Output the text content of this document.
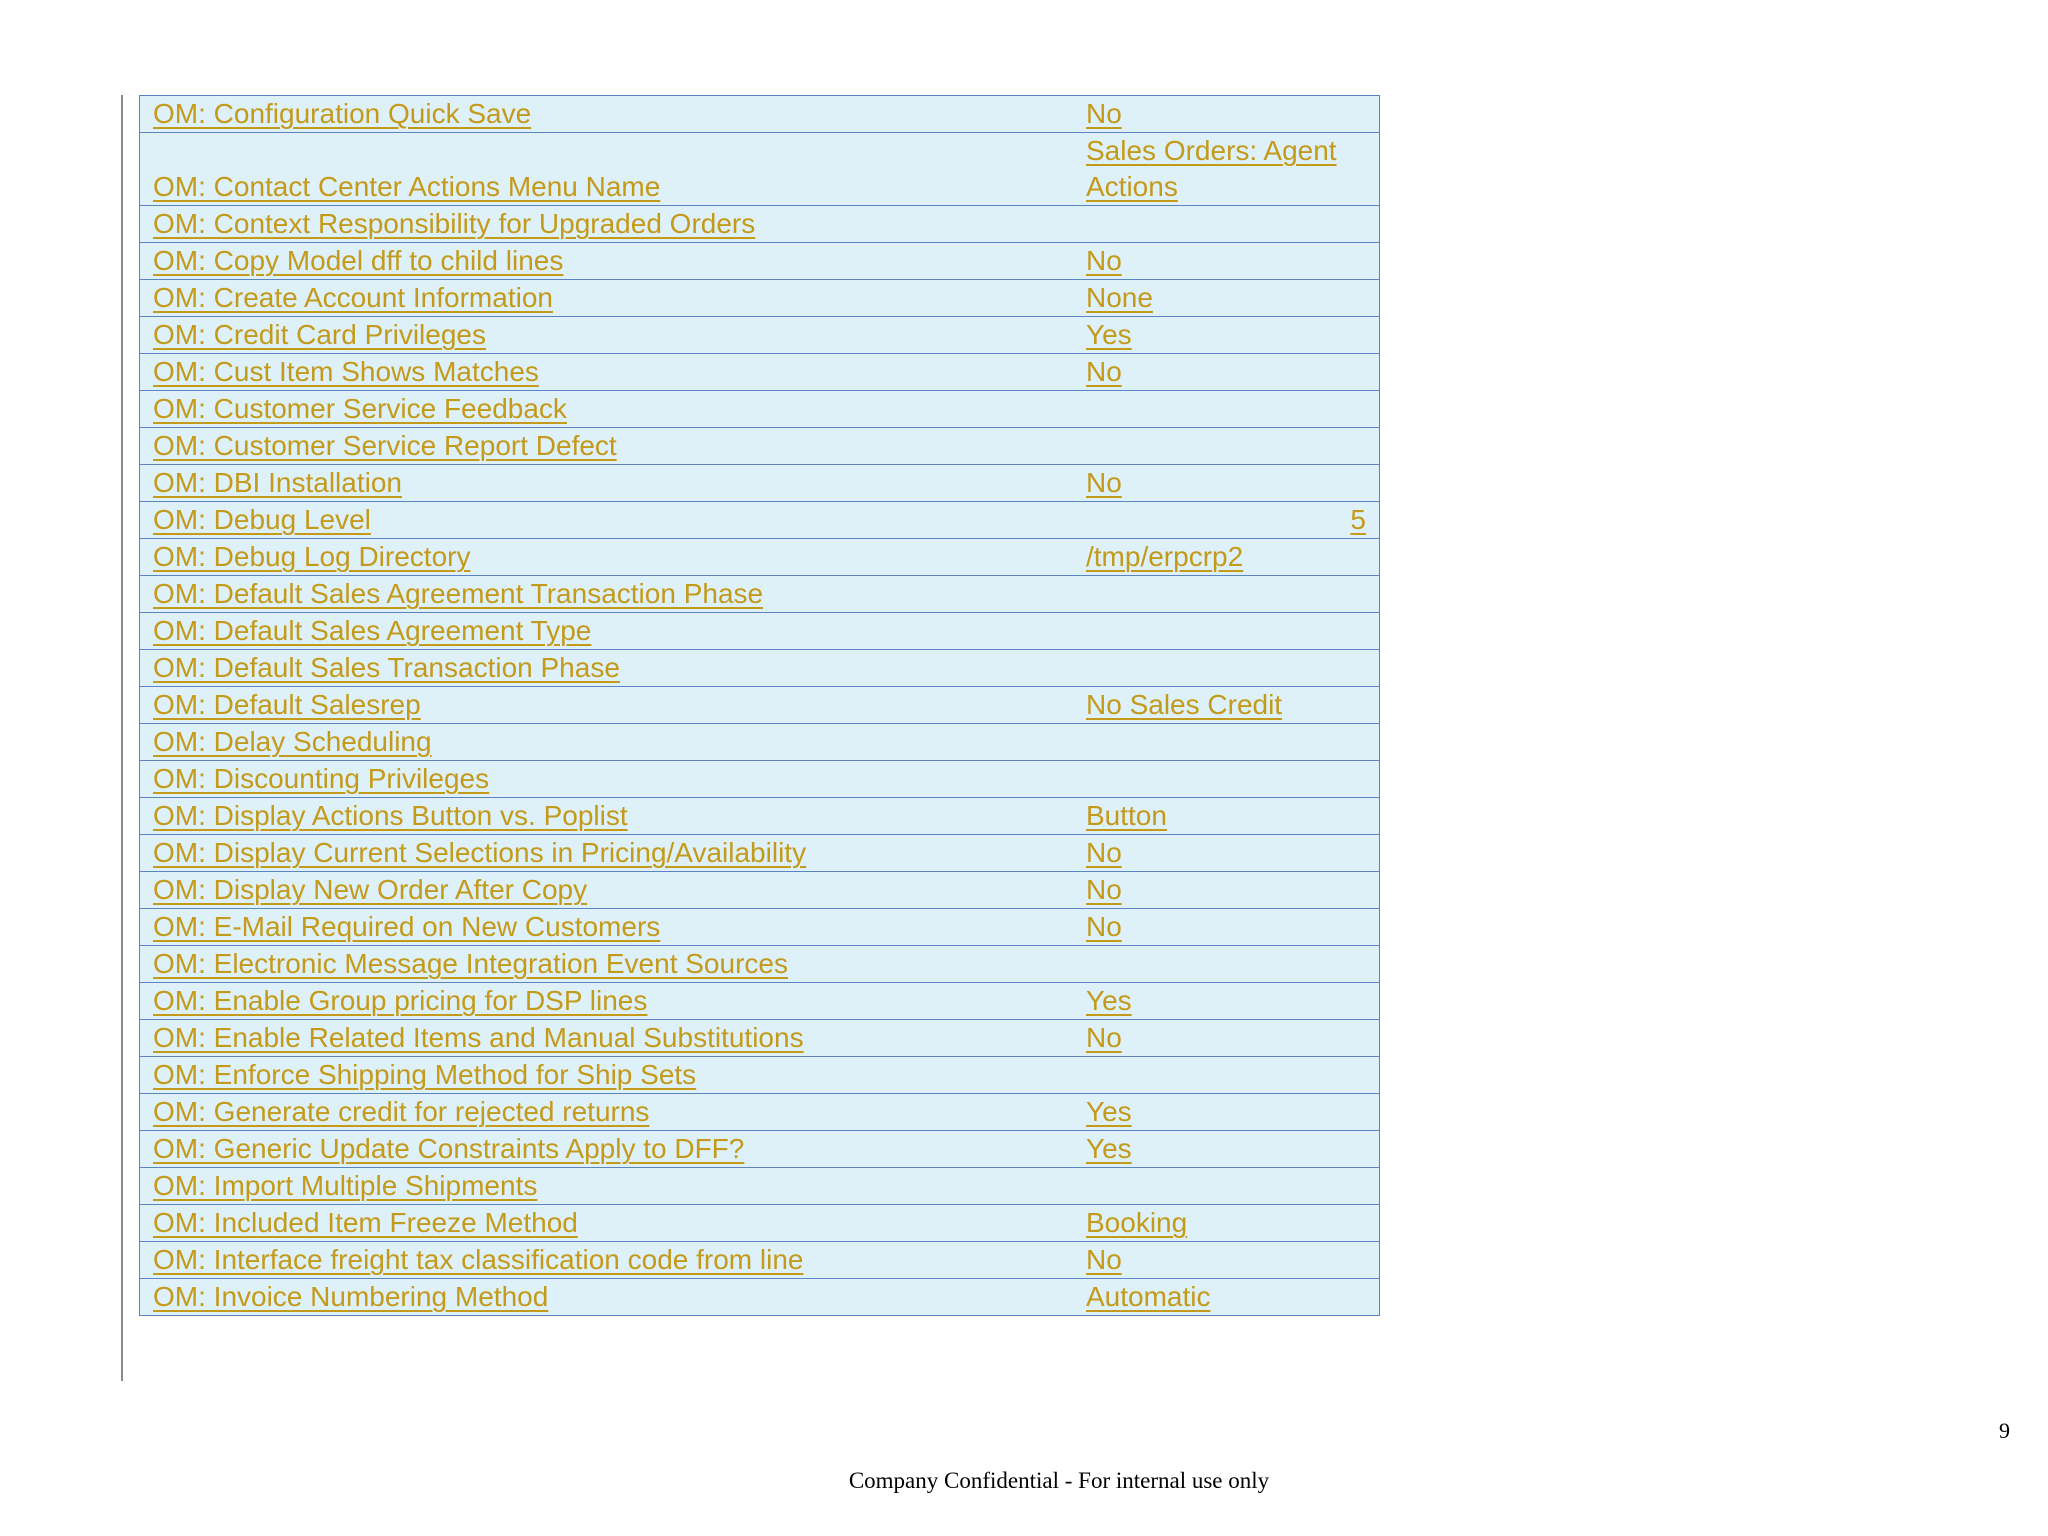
OM: Configuration Quick Save	No
OM: Contact Center Actions Menu Name	Sales Orders: Agent Actions
OM: Context Responsibility for Upgraded Orders	
OM: Copy Model dff to child lines	No
OM: Create Account Information	None
OM: Credit Card Privileges	Yes
OM: Cust Item Shows Matches	No
OM: Customer Service Feedback	
OM: Customer Service Report Defect	
OM: DBI Installation	No
OM: Debug Level	5
OM: Debug Log Directory	/tmp/erpcrp2
OM: Default Sales Agreement Transaction Phase	
OM: Default Sales Agreement Type	
OM: Default Sales Transaction Phase	
OM: Default Salesrep	No Sales Credit
OM: Delay Scheduling	
OM: Discounting Privileges	
OM: Display Actions Button vs. Poplist	Button
OM: Display Current Selections in Pricing/Availability	No
OM: Display New Order After Copy	No
OM: E-Mail Required on New Customers	No
OM: Electronic Message Integration Event Sources	
OM: Enable Group pricing for DSP lines	Yes
OM: Enable Related Items and Manual Substitutions	No
OM: Enforce Shipping Method for Ship Sets	
OM: Generate credit for rejected returns	Yes
OM: Generic Update Constraints Apply to DFF?	Yes
OM: Import Multiple Shipments	
OM: Included Item Freeze Method	Booking
OM: Interface freight tax classification code from line	No
OM: Invoice Numbering Method	Automatic
9
Company Confidential - For internal use only
